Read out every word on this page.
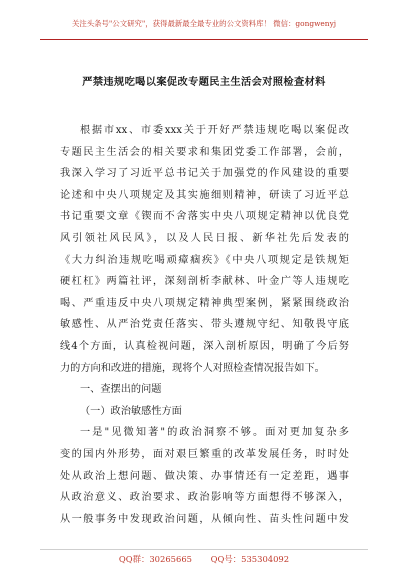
关注头条号"公文研究"，获得最新最全最专业的公文资料库！ 微信：gongwenyj
严禁违规吃喝以案促改专题民主生活会对照检查材料
根据市xx、市委xxx关于开好严禁违规吃喝以案促改
专题民主生活会的相关要求和集团党委工作部署，会前，
我深入学习了习近平总书记关于加强党的作风建设的重要
论述和中央八项规定及其实施细则精神，研读了习近平总
书记重要文章《锲而不舍落实中央八项规定精神以优良党
风引领社风民风》，以及人民日报、新华社先后发表的
《大力纠治违规吃喝顽瘴痼疾》《中央八项规定是铁规矩
硬杠杠》两篇社评，深刻剖析李献林、叶金广等人违规吃
喝、严重违反中央八项规定精神典型案例，紧紧围绕政治
敏感性、从严治党责任落实、带头遵规守纪、知敬畏守底
线4个方面，认真检视问题，深入剖析原因，明确了今后努
力的方向和改进的措施，现将个人对照检查情况报告如下。
一、查摆出的问题
（一）政治敏感性方面
一是"见微知著"的政治洞察不够。面对更加复杂多
变的国内外形势，面对艰巨繁重的改革发展任务，时时处
处从政治上想问题、做决策、办事情还有一定差距，遇事
从政治意义、政治要求、政治影响等方面想得不够深入，
从一般事务中发现政治问题，从倾向性、苗头性问题中发
QQ群：30265665 QQ号：535304092
